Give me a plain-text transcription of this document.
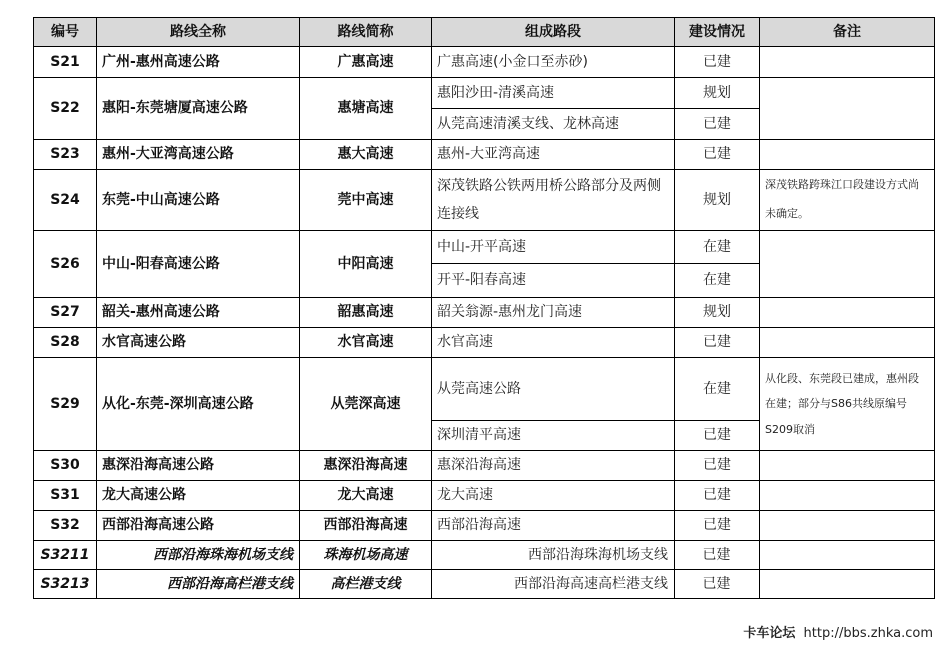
编号	路线全称	路线简称	组成路段	建设情况	备注
S21	广州-惠州高速公路	广惠高速	广惠高速(小金口至赤砂)	已建	
S22	惠阳-东莞塘厦高速公路	惠塘高速	惠阳沙田-清溪高速	规划	
			从莞高速清溪支线、龙林高速	已建	
S23	惠州-大亚湾高速公路	惠大高速	惠州-大亚湾高速	已建	
S24	东莞-中山高速公路	莞中高速	深茂铁路公铁两用桥公路部分及两侧连接线	规划	深茂铁路跨珠江口段建设方式尚未确定。
S26	中山-阳春高速公路	中阳高速	中山-开平高速	在建	
			开平-阳春高速	在建	
S27	韶关-惠州高速公路	韶惠高速	韶关翁源-惠州龙门高速	规划	
S28	水官高速公路	水官高速	水官高速	已建	
S29	从化-东莞-深圳高速公路	从莞深高速	从莞高速公路	在建	从化段、东莞段已建成，惠州段在建；部分与S86共线原编号S209取消
			深圳清平高速	已建	
S30	惠深沿海高速公路	惠深沿海高速	惠深沿海高速	已建	
S31	龙大高速公路	龙大高速	龙大高速	已建	
S32	西部沿海高速公路	西部沿海高速	西部沿海高速	已建	
S3211	西部沿海珠海机场支线	珠海机场高速	西部沿海珠海机场支线	已建	
S3213	西部沿海高栏港支线	高栏港支线	西部沿海高速高栏港支线	已建	
卡车论坛 http://bbs.zhka.com
